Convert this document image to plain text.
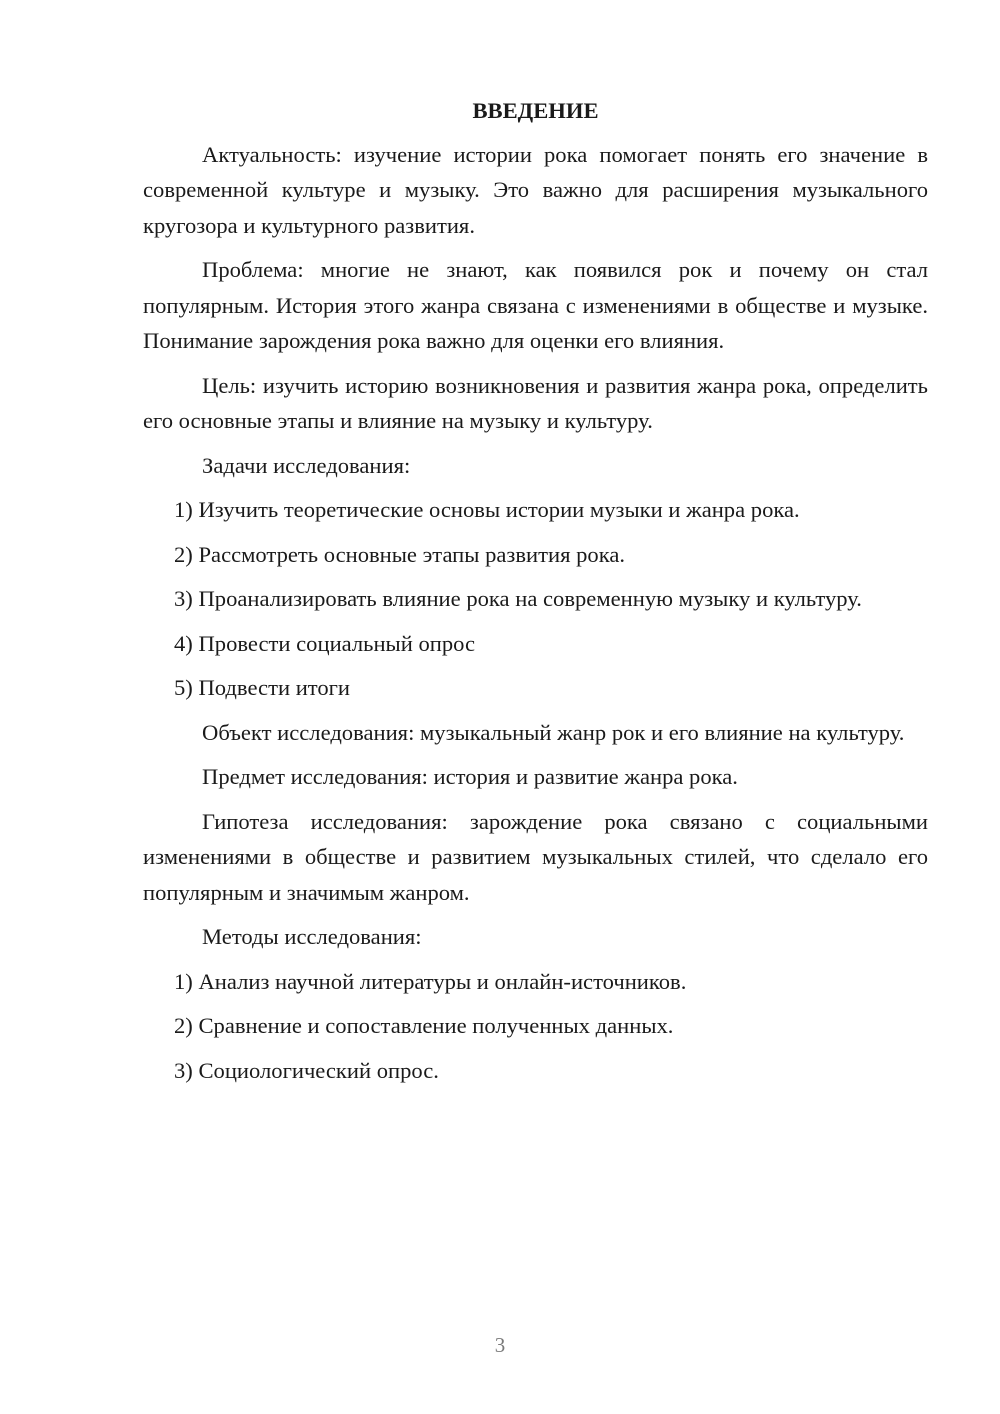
ВВЕДЕНИЕ

Актуальность: изучение истории рока помогает понять его значение в современной культуре и музыку. Это важно для расширения музыкального кругозора и культурного развития.

Проблема: многие не знают, как появился рок и почему он стал популярным. История этого жанра связана с изменениями в обществе и музыке. Понимание зарождения рока важно для оценки его влияния.

Цель: изучить историю возникновения и развития жанра рока, определить его основные этапы и влияние на музыку и культуру.

Задачи исследования:

1) Изучить теоретические основы истории музыки и жанра рока.

2) Рассмотреть основные этапы развития рока.

3) Проанализировать влияние рока на современную музыку и культуру.

4) Провести социальный опрос

5) Подвести итоги

Объект исследования: музыкальный жанр рок и его влияние на культуру.

Предмет исследования: история и развитие жанра рока.

Гипотеза исследования: зарождение рока связано с социальными изменениями в обществе и развитием музыкальных стилей, что сделало его популярным и значимым жанром.

Методы исследования:

1) Анализ научной литературы и онлайн-источников.

2) Сравнение и сопоставление полученных данных.

3) Социологический опрос.

3
